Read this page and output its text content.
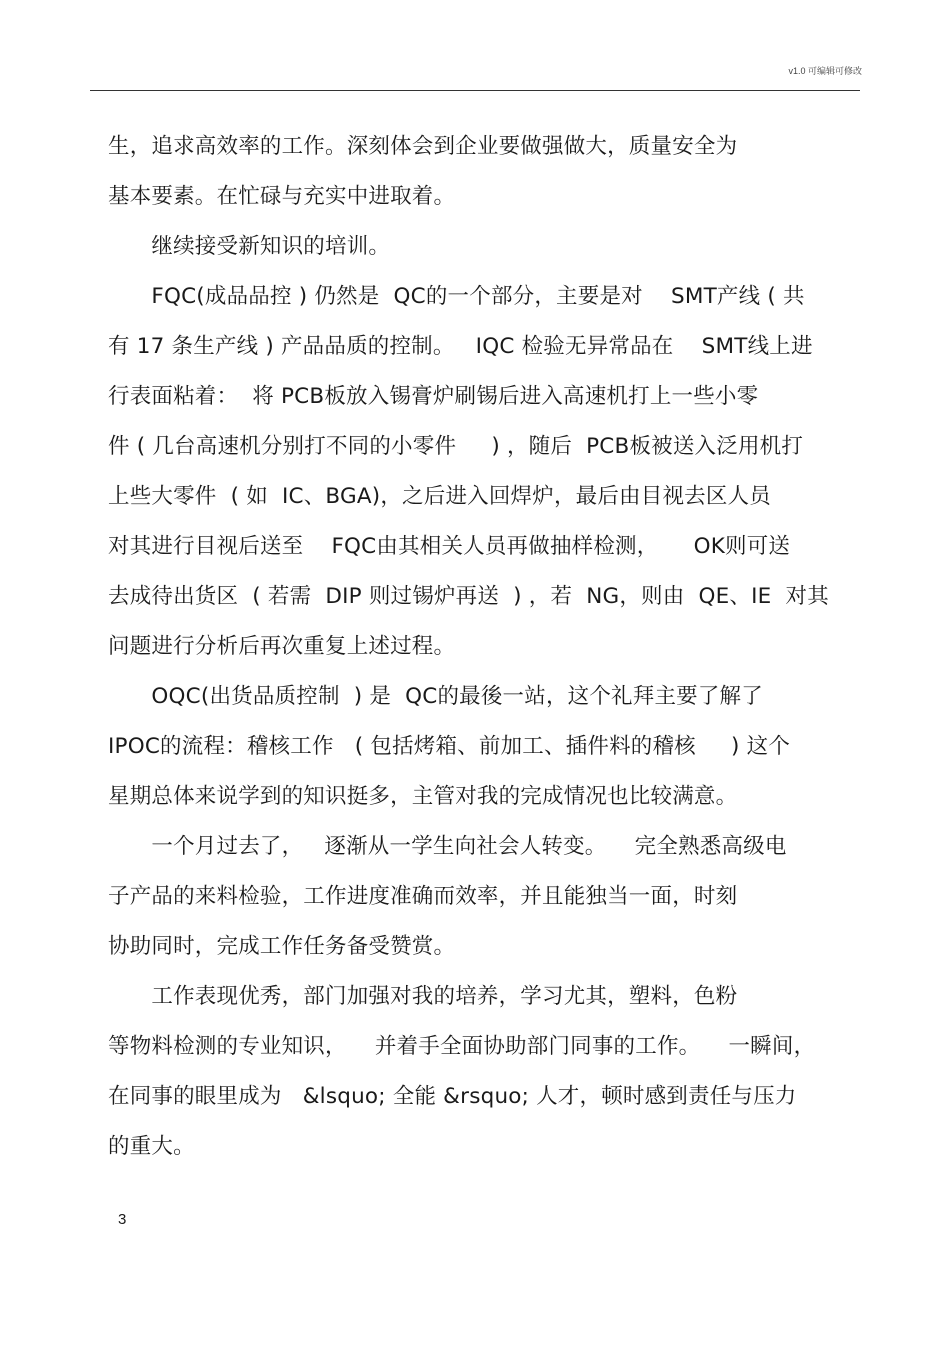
v1.0 可编辑可修改
生，追求高效率的工作。深刻体会到企业要做强做大，质量安全为
基本要素。在忙碌与充实中进取着。
　　继续接受新知识的培训。
　　FQC(成品品控 ) 仍然是  QC的一个部分，主要是对    SMT产线 ( 共
有 17 条生产线 ) 产品品质的控制。   IQC 检验无异常品在    SMT线上进
行表面粘着：  将 PCB板放入锡膏炉刷锡后进入高速机打上一些小零
件 ( 几台高速机分别打不同的小零件     ) ，随后  PCB板被送入泛用机打
上些大零件  ( 如  IC、BGA)，之后进入回焊炉，最后由目视去区人员
对其进行目视后送至    FQC由其相关人员再做抽样检测，     OK则可送
去成待出货区  ( 若需  DIP 则过锡炉再送  ) ，若  NG，则由  QE、IE  对其
问题进行分析后再次重复上述过程。
　　OQC(出货品质控制  ) 是  QC的最後一站，这个礼拜主要了解了
IPOC的流程：稽核工作   ( 包括烤箱、前加工、插件料的稽核     ) 这个
星期总体来说学到的知识挺多，主管对我的完成情况也比较满意。
　　一个月过去了，   逐渐从一学生向社会人转变。    完全熟悉高级电
子产品的来料检验，工作进度准确而效率，并且能独当一面，时刻
协助同时，完成工作任务备受赞赏。
　　工作表现优秀，部门加强对我的培养，学习尤其，塑料，色粉
等物料检测的专业知识，    并着手全面协助部门同事的工作。    一瞬间，
在同事的眼里成为   &lsquo; 全能 &rsquo; 人才，顿时感到责任与压力
的重大。
3
